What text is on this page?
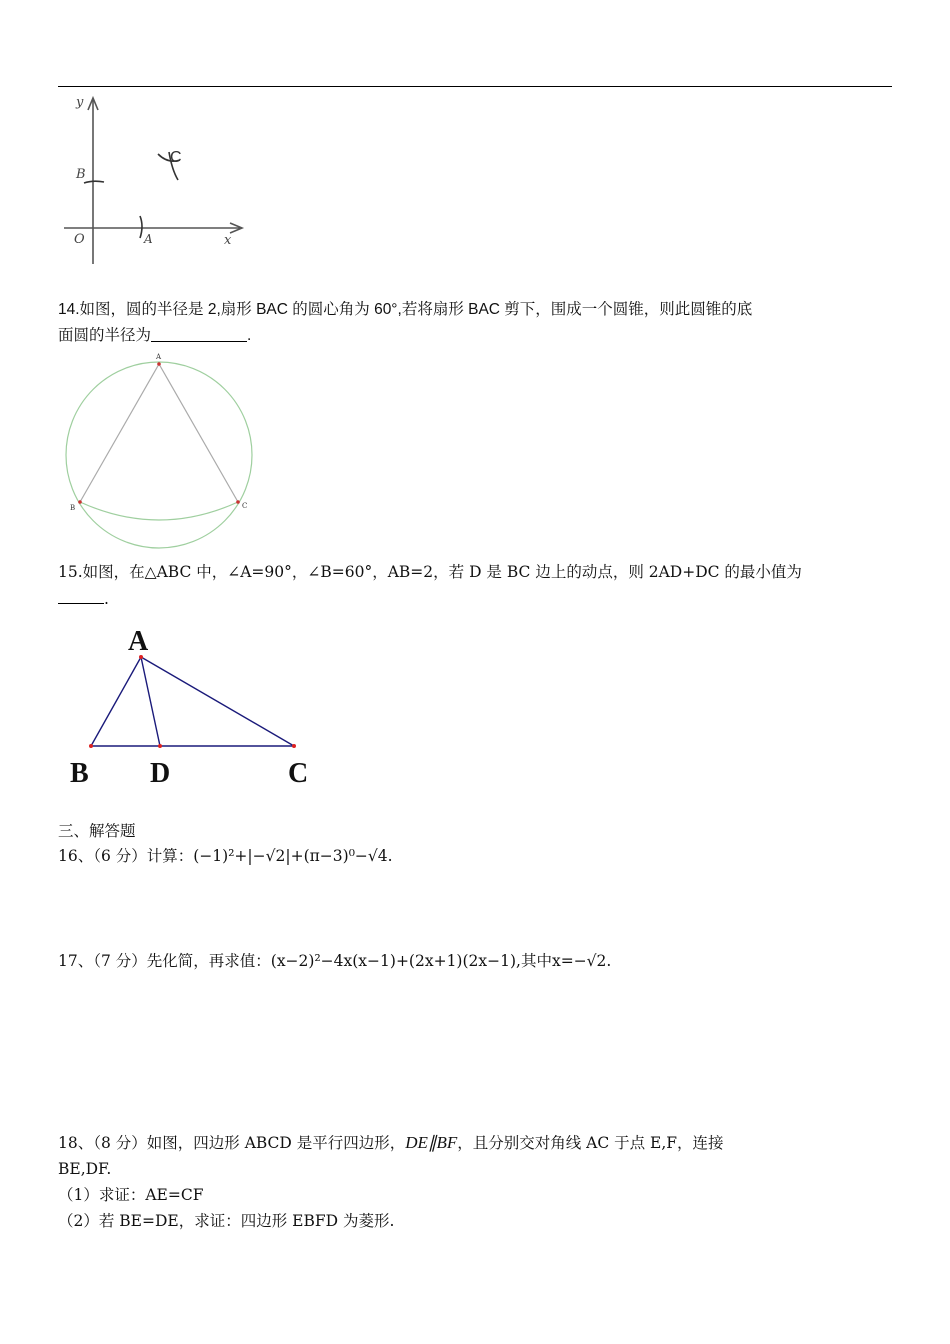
y
x
O	A
B
C
14.如图，圆的半径是 2,扇形 BAC 的圆心角为 60°,若将扇形 BAC 剪下，围成一个圆锥，则此圆锥的底
面圆的半径为	.
A
B	C
15.如图，在△ABC 中，∠A=90°，∠B=60°，AB=2，若 D 是 BC 边上的动点，则 2AD+DC 的最小值为
.
A
B D	C
三、解答题
16、（6 分）计算：(−1)²+|−√2|+(π−3)⁰−√4.
17、（7 分）先化简，再求值：(x−2)²−4x(x−1)+(2x+1)(2x−1),其中x=−√2.
18、（8 分）如图，四边形 ABCD 是平行四边形，DE∥BF，且分别交对角线 AC 于点 E,F，连接
BE,DF.
（1）求证：AE=CF
（2）若 BE=DE，求证：四边形 EBFD 为菱形.
